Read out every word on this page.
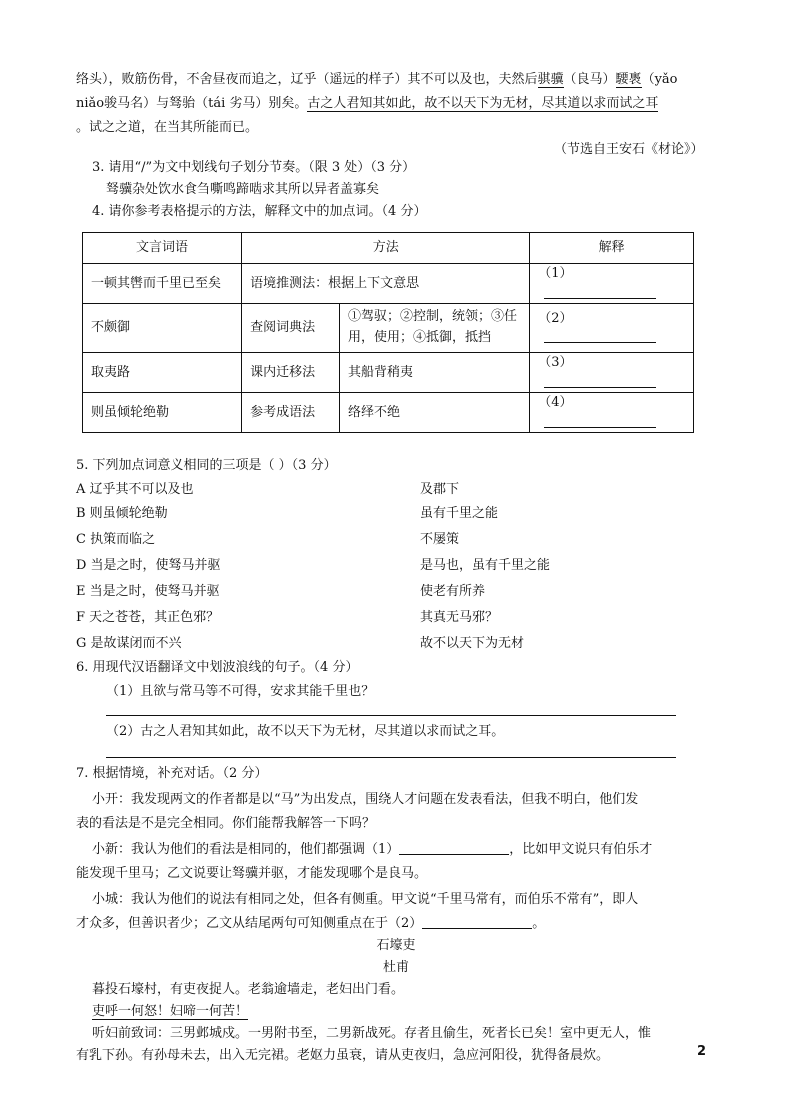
络头），败筋伤骨，不舍昼夜而追之，辽乎（遥远的样子）其不可以及也，夫然后骐骥（良马）騕褭（yǎo
niǎo骏马名）与驽骀（tái 劣马）别矣。古之人君知其如此，故不以天下为无材，尽其道以求而试之耳
。试之之道，在当其所能而已。
（节选自王安石《材论》）
3. 请用“/”为文中划线句子划分节奏。（限 3 处）（3 分）
驽骥杂处饮水食刍嘶鸣蹄啮求其所以异者盖寡矣
4. 请你参考表格提示的方法，解释文中的加点词。（4 分）
文言词语	方法		解释
一顿其辔而千里已至矣	语境推测法：根据上下文意思		（1）
不颇御	查阅词典法	①驾驭；②控制，统领；③任用，使用；④抵御，抵挡	（2）
取夷路	课内迁移法	其船背稍夷	（3）
则虽倾轮绝勒	参考成语法	络绎不绝	（4）
5. 下列加点词意义相同的三项是（ ）（3 分）
A 辽乎其不可以及也	及郡下
B 则虽倾轮绝勒	虽有千里之能
C 执策而临之	不屡策
D 当是之时，使驽马并驱	是马也，虽有千里之能
E 当是之时，使驽马并驱	使老有所养
F 天之苍苍，其正色邪？	其真无马邪？
G 是故谋闭而不兴	故不以天下为无材
6. 用现代汉语翻译文中划波浪线的句子。（4 分）
（1）且欲与常马等不可得，安求其能千里也？
（2）古之人君知其如此，故不以天下为无材，尽其道以求而试之耳。
7. 根据情境，补充对话。（2 分）
小开：我发现两文的作者都是以“马”为出发点，围绕人才问题在发表看法，但我不明白，他们发
表的看法是不是完全相同。你们能帮我解答一下吗？
小新：我认为他们的看法是相同的，他们都强调（1）	，比如甲文说只有伯乐才
能发现千里马；乙文说要让驽骥并驱，才能发现哪个是良马。
小城：我认为他们的说法有相同之处，但各有侧重。甲文说“千里马常有，而伯乐不常有”，即人
才众多，但善识者少；乙文从结尾两句可知侧重点在于（2）	。
石壕吏
杜甫
暮投石壕村，有吏夜捉人。老翁逾墙走，老妇出门看。
吏呼一何怒！妇啼一何苦！
听妇前致词：三男邺城戍。一男附书至，二男新战死。存者且偷生，死者长已矣！室中更无人，惟
有乳下孙。有孙母未去，出入无完裙。老妪力虽衰，请从吏夜归，急应河阳役，犹得备晨炊。	2
